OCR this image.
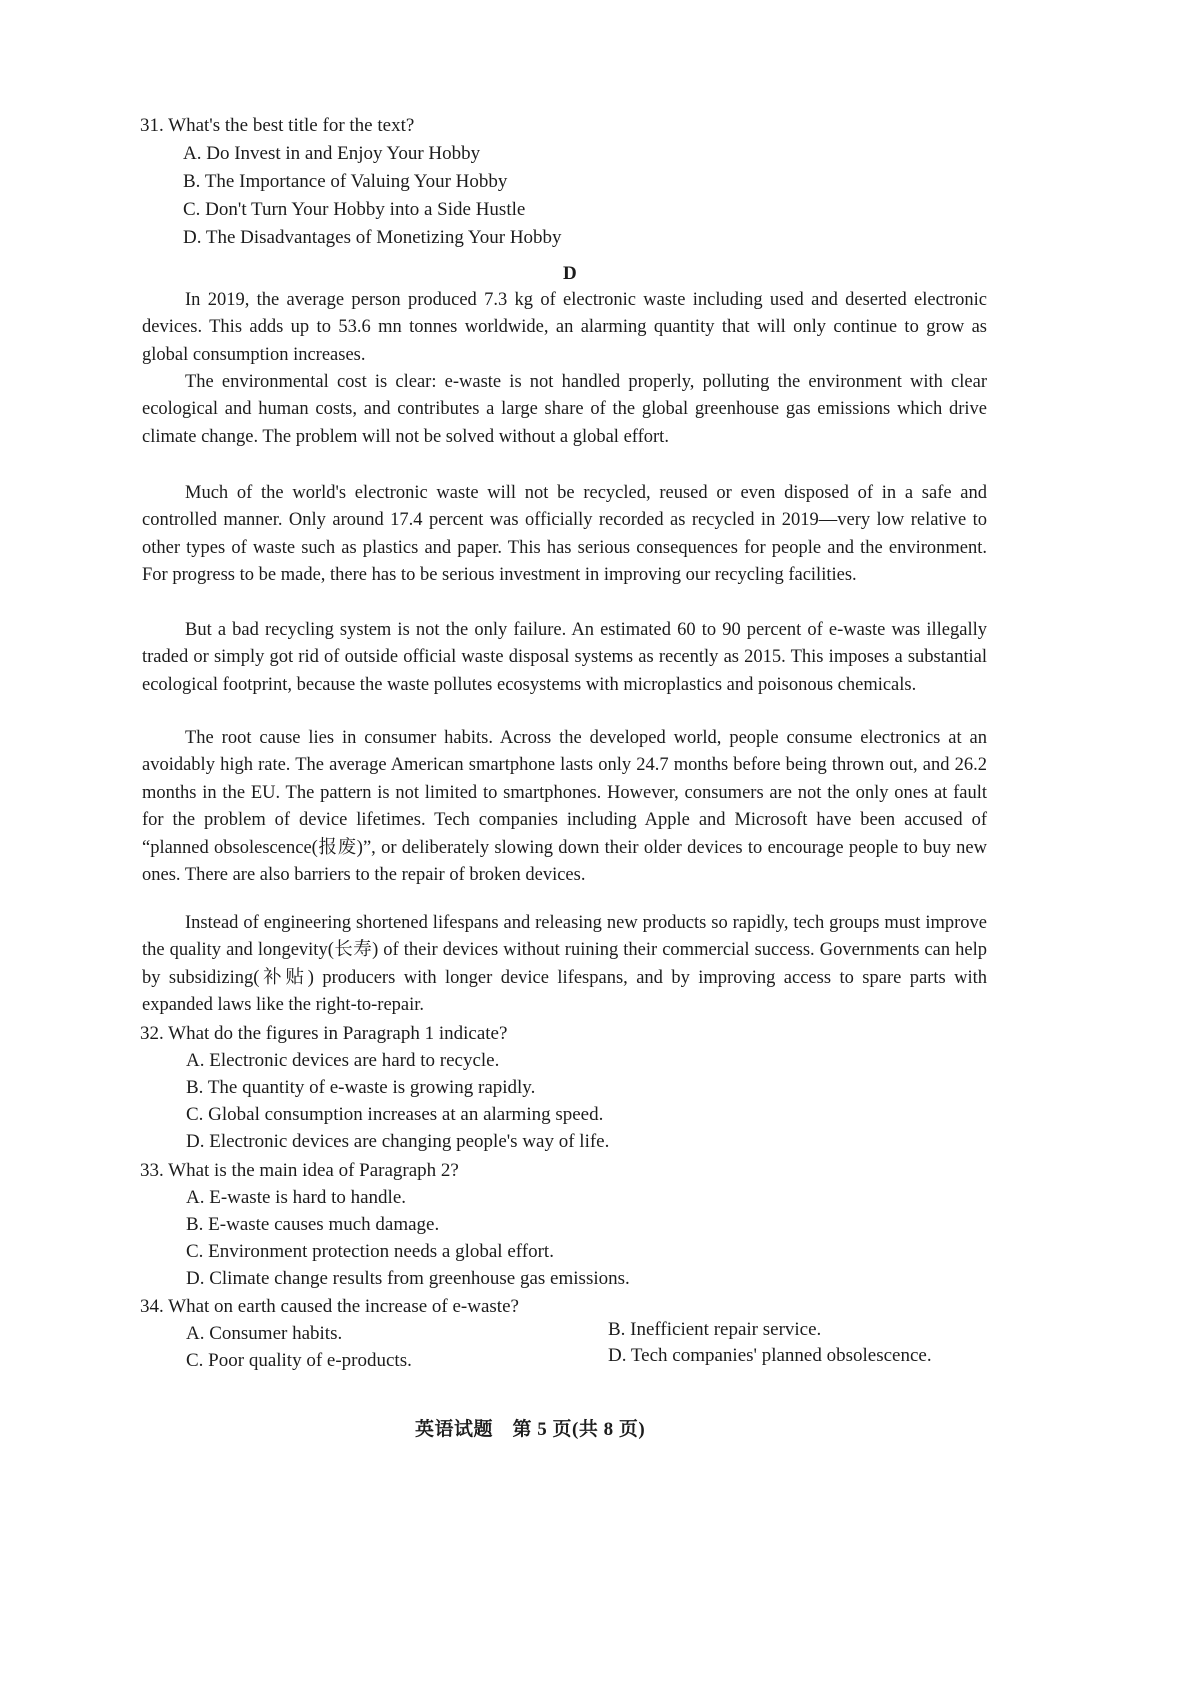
31. What's the best title for the text?
A. Do Invest in and Enjoy Your Hobby
B. The Importance of Valuing Your Hobby
C. Don't Turn Your Hobby into a Side Hustle
D. The Disadvantages of Monetizing Your Hobby
D

In 2019, the average person produced 7.3 kg of electronic waste including used and deserted electronic devices. This adds up to 53.6 mn tonnes worldwide, an alarming quantity that will only continue to grow as global consumption increases.

The environmental cost is clear: e-waste is not handled properly, polluting the environment with clear ecological and human costs, and contributes a large share of the global greenhouse gas emissions which drive climate change. The problem will not be solved without a global effort.

Much of the world's electronic waste will not be recycled, reused or even disposed of in a safe and controlled manner. Only around 17.4 percent was officially recorded as recycled in 2019—very low relative to other types of waste such as plastics and paper. This has serious consequences for people and the environment. For progress to be made, there has to be serious investment in improving our recycling facilities.

But a bad recycling system is not the only failure. An estimated 60 to 90 percent of e-waste was illegally traded or simply got rid of outside official waste disposal systems as recently as 2015. This imposes a substantial ecological footprint, because the waste pollutes ecosystems with microplastics and poisonous chemicals.

The root cause lies in consumer habits. Across the developed world, people consume electronics at an avoidably high rate. The average American smartphone lasts only 24.7 months before being thrown out, and 26.2 months in the EU. The pattern is not limited to smartphones. However, consumers are not the only ones at fault for the problem of device lifetimes. Tech companies including Apple and Microsoft have been accused of “planned obsolescence(报废)”, or deliberately slowing down their older devices to encourage people to buy new ones. There are also barriers to the repair of broken devices.

Instead of engineering shortened lifespans and releasing new products so rapidly, tech groups must improve the quality and longevity(长寿) of their devices without ruining their commercial success. Governments can help by subsidizing(补贴) producers with longer device lifespans, and by improving access to spare parts with expanded laws like the right-to-repair.

32. What do the figures in Paragraph 1 indicate?
A. Electronic devices are hard to recycle.
B. The quantity of e-waste is growing rapidly.
C. Global consumption increases at an alarming speed.
D. Electronic devices are changing people's way of life.
33. What is the main idea of Paragraph 2?
A. E-waste is hard to handle.
B. E-waste causes much damage.
C. Environment protection needs a global effort.
D. Climate change results from greenhouse gas emissions.
34. What on earth caused the increase of e-waste?
A. Consumer habits.	B. Inefficient repair service.
C. Poor quality of e-products.	D. Tech companies' planned obsolescence.
英语试题　第 5 页(共 8 页)
